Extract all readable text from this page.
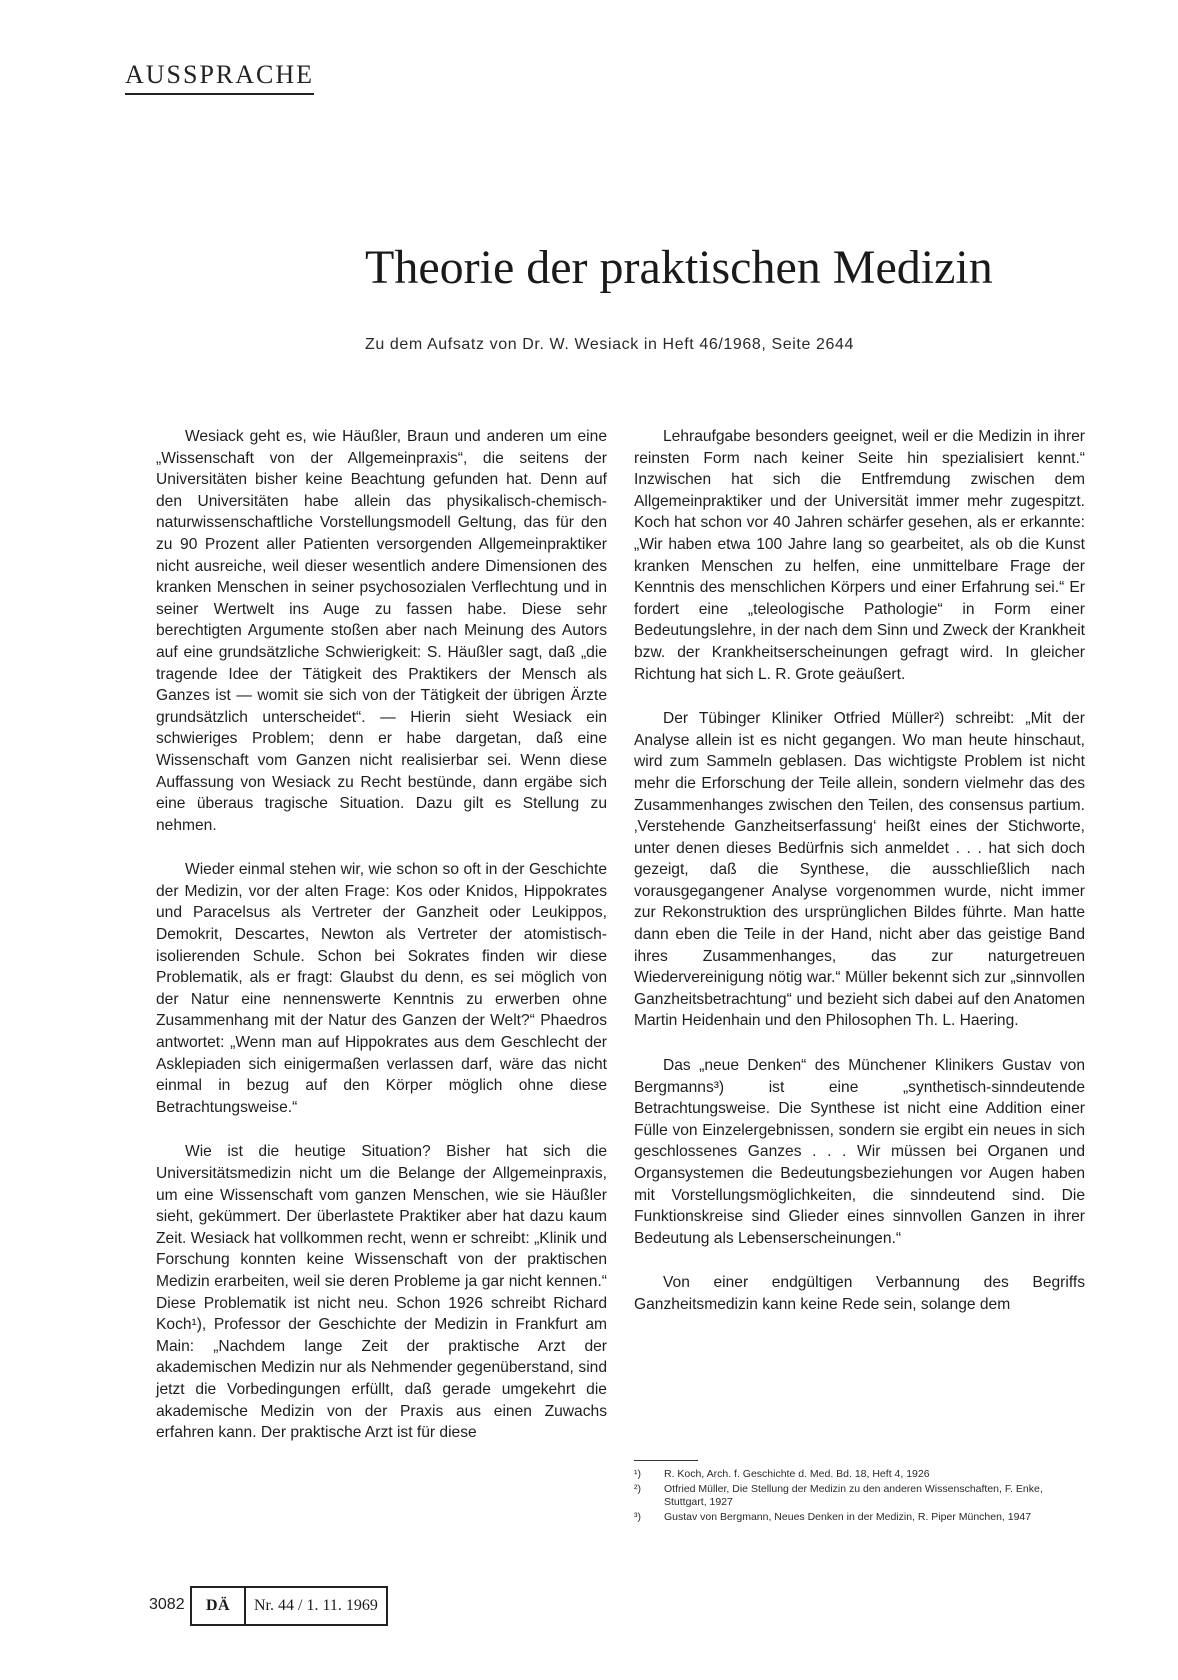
AUSSPRACHE
Theorie der praktischen Medizin
Zu dem Aufsatz von Dr. W. Wesiack in Heft 46/1968, Seite 2644

Wesiack geht es, wie Häußler, Braun und anderen um eine „Wissenschaft von der Allgemeinpraxis“, die seitens der Universitäten bisher keine Beachtung gefunden hat. Denn auf den Universitäten habe allein das physikalisch-chemisch-naturwissenschaftliche Vorstellungsmodell Geltung, das für den zu 90 Prozent aller Patienten versorgenden Allgemeinpraktiker nicht ausreiche, weil dieser wesentlich andere Dimensionen des kranken Menschen in seiner psychosozialen Verflechtung und in seiner Wertwelt ins Auge zu fassen habe. Diese sehr berechtigten Argumente stoßen aber nach Meinung des Autors auf eine grundsätzliche Schwierigkeit: S. Häußler sagt, daß „die tragende Idee der Tätigkeit des Praktikers der Mensch als Ganzes ist — womit sie sich von der Tätigkeit der übrigen Ärzte grundsätzlich unterscheidet“. — Hierin sieht Wesiack ein schwieriges Problem; denn er habe dargetan, daß eine Wissenschaft vom Ganzen nicht realisierbar sei. Wenn diese Auffassung von Wesiack zu Recht bestünde, dann ergäbe sich eine überaus tragische Situation. Dazu gilt es Stellung zu nehmen.

Wieder einmal stehen wir, wie schon so oft in der Geschichte der Medizin, vor der alten Frage: Kos oder Knidos, Hippokrates und Paracelsus als Vertreter der Ganzheit oder Leukippos, Demokrit, Descartes, Newton als Vertreter der atomistisch-isolierenden Schule. Schon bei Sokrates finden wir diese Problematik, als er fragt: Glaubst du denn, es sei möglich von der Natur eine nennenswerte Kenntnis zu erwerben ohne Zusammenhang mit der Natur des Ganzen der Welt?“ Phaedros antwortet: „Wenn man auf Hippokrates aus dem Geschlecht der Asklepiaden sich einigermaßen verlassen darf, wäre das nicht einmal in bezug auf den Körper möglich ohne diese Betrachtungsweise.“

Wie ist die heutige Situation? Bisher hat sich die Universitätsmedizin nicht um die Belange der Allgemeinpraxis, um eine Wissenschaft vom ganzen Menschen, wie sie Häußler sieht, gekümmert. Der überlastete Praktiker aber hat dazu kaum Zeit. Wesiack hat vollkommen recht, wenn er schreibt: „Klinik und Forschung konnten keine Wissenschaft von der praktischen Medizin erarbeiten, weil sie deren Probleme ja gar nicht kennen.“ Diese Problematik ist nicht neu. Schon 1926 schreibt Richard Koch¹), Professor der Geschichte der Medizin in Frankfurt am Main: „Nachdem lange Zeit der praktische Arzt der akademischen Medizin nur als Nehmender gegenüberstand, sind jetzt die Vorbedingungen erfüllt, daß gerade umgekehrt die akademische Medizin von der Praxis aus einen Zuwachs erfahren kann. Der praktische Arzt ist für diese

Lehraufgabe besonders geeignet, weil er die Medizin in ihrer reinsten Form nach keiner Seite hin spezialisiert kennt.“ Inzwischen hat sich die Entfremdung zwischen dem Allgemeinpraktiker und der Universität immer mehr zugespitzt. Koch hat schon vor 40 Jahren schärfer gesehen, als er erkannte: „Wir haben etwa 100 Jahre lang so gearbeitet, als ob die Kunst kranken Menschen zu helfen, eine unmittelbare Frage der Kenntnis des menschlichen Körpers und einer Erfahrung sei.“ Er fordert eine „teleologische Pathologie“ in Form einer Bedeutungslehre, in der nach dem Sinn und Zweck der Krankheit bzw. der Krankheitserscheinungen gefragt wird. In gleicher Richtung hat sich L. R. Grote geäußert.

Der Tübinger Kliniker Otfried Müller²) schreibt: „Mit der Analyse allein ist es nicht gegangen. Wo man heute hinschaut, wird zum Sammeln geblasen. Das wichtigste Problem ist nicht mehr die Erforschung der Teile allein, sondern vielmehr das des Zusammenhanges zwischen den Teilen, des consensus partium. ‚Verstehende Ganzheitserfassung‘ heißt eines der Stichworte, unter denen dieses Bedürfnis sich anmeldet . . . hat sich doch gezeigt, daß die Synthese, die ausschließlich nach vorausgegangener Analyse vorgenommen wurde, nicht immer zur Rekonstruktion des ursprünglichen Bildes führte. Man hatte dann eben die Teile in der Hand, nicht aber das geistige Band ihres Zusammenhanges, das zur naturgetreuen Wiedervereinigung nötig war.“ Müller bekennt sich zur „sinnvollen Ganzheitsbetrachtung“ und bezieht sich dabei auf den Anatomen Martin Heidenhain und den Philosophen Th. L. Haering.

Das „neue Denken“ des Münchener Klinikers Gustav von Bergmanns³) ist eine „synthetisch-sinndeutende Betrachtungsweise. Die Synthese ist nicht eine Addition einer Fülle von Einzelergebnissen, sondern sie ergibt ein neues in sich geschlossenes Ganzes . . . Wir müssen bei Organen und Organsystemen die Bedeutungsbeziehungen vor Augen haben mit Vorstellungsmöglichkeiten, die sinndeutend sind. Die Funktionskreise sind Glieder eines sinnvollen Ganzen in ihrer Bedeutung als Lebenserscheinungen.“

Von einer endgültigen Verbannung des Begriffs Ganzheitsmedizin kann keine Rede sein, solange dem

¹)	R. Koch, Arch. f. Geschichte d. Med. Bd. 18, Heft 4, 1926
²)	Otfried Müller, Die Stellung der Medizin zu den anderen Wissenschaften, F. Enke, Stuttgart, 1927
³)	Gustav von Bergmann, Neues Denken in der Medizin, R. Piper München, 1947
3082	DÄ	Nr. 44 / 1. 11. 1969
